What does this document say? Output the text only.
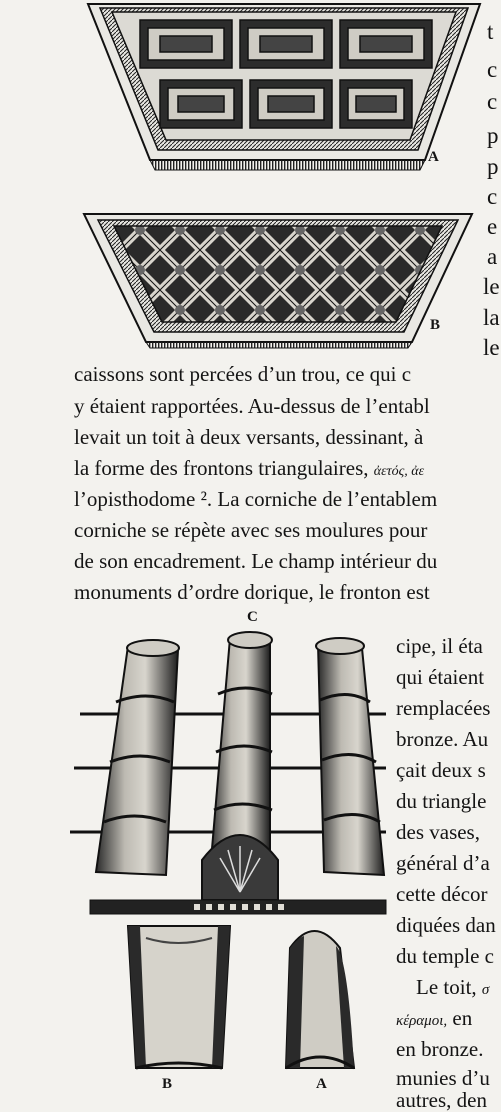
A
B
t
c
c
p
p
c
e
a
le
la
le
caissons sont percées d’un trou, ce qui c
y étaient rapportées. Au-dessus de l’entabl
levait un toit à deux versants, dessinant, à
la forme des frontons triangulaires, ἀετός, ἀε
l’opisthodome ². La corniche de l’entablem
corniche se répète avec ses moulures pour
de son encadrement. Le champ intérieur du
monuments d’ordre dorique, le fronton est
C
B	A
cipe, il éta
qui étaient
remplacées
bronze. Au
çait deux s
du triangle
des vases,
général d’a
cette décor
diquées dan
du temple c
Le toit, σ
κέραμοι, en
en bronze.
munies d’u
autres, den
